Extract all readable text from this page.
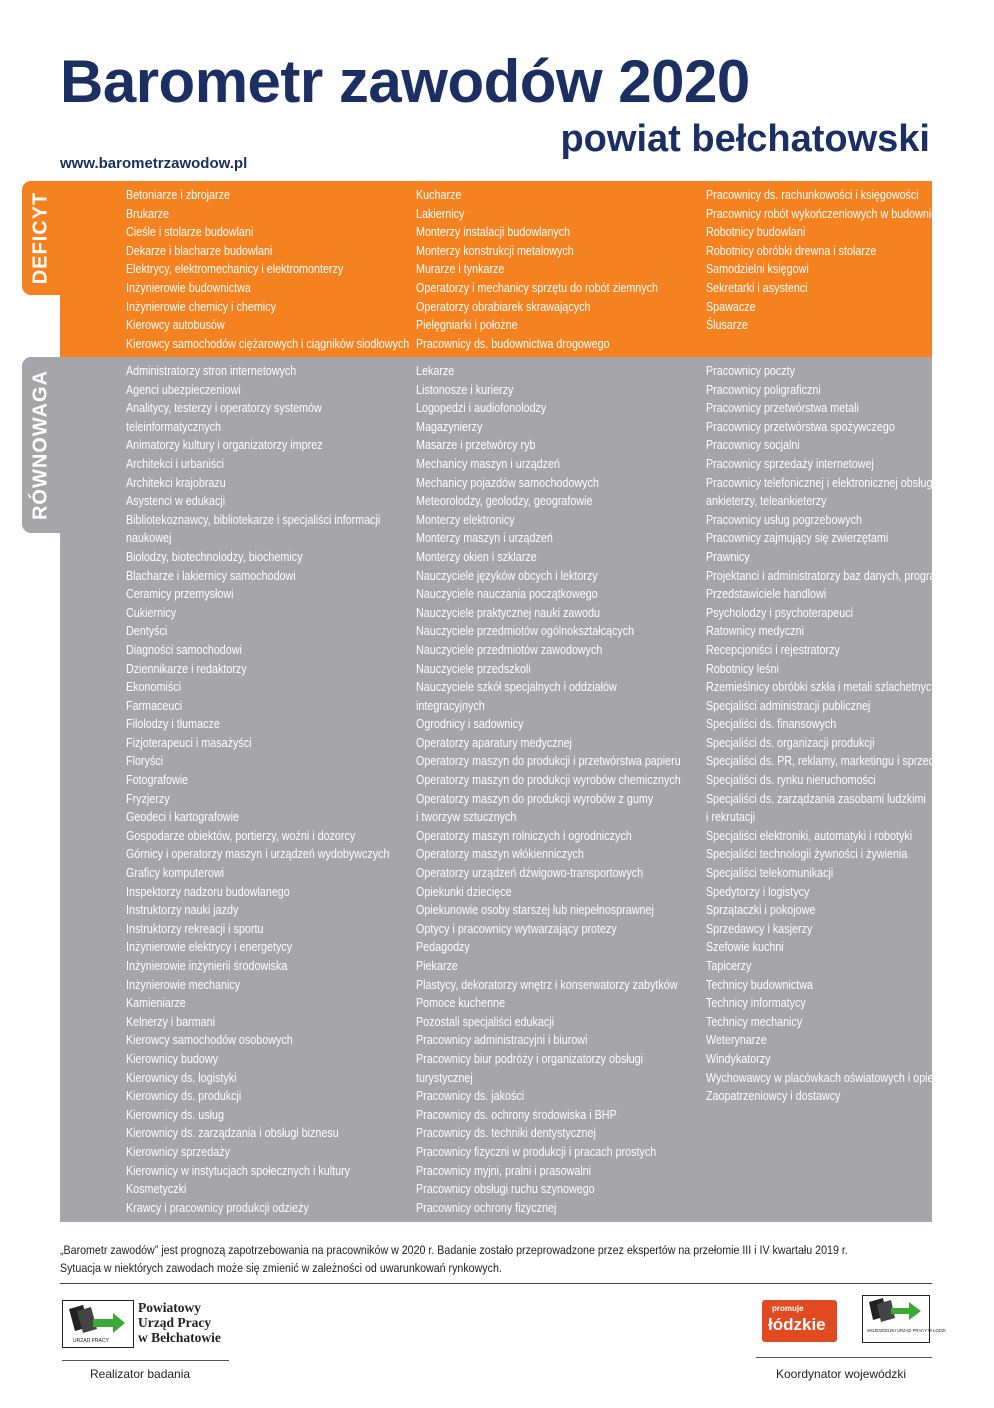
Barometr zawodów 2020
powiat bełchatowski
www.barometrzawodow.pl
DEFICYT	Betoniarze i zbrojarze
Brukarze
Cieśle i stolarze budowlani
Dekarze i blacharze budowlani
Elektrycy, elektromechanicy i elektromonterzy
Inżynierowie budownictwa
Inżynierowie chemicy i chemicy
Kierowcy autobusów
Kierowcy samochodów ciężarowych i ciągników siodłowych
Kucharze
Lakiernicy
Monterzy instalacji budowlanych
Monterzy konstrukcji metalowych
Murarze i tynkarze
Operatorzy i mechanicy sprzętu do robót ziemnych
Operatorzy obrabiarek skrawających
Pielęgniarki i położne
Pracownicy ds. budownictwa drogowego
Pracownicy ds. rachunkowości i księgowości
Pracownicy robót wykończeniowych w budownictwie
Robotnicy budowlani
Robotnicy obróbki drewna i stolarze
Samodzielni księgowi
Sekretarki i asystenci
Spawacze
Ślusarze
RÓWNOWAGA	Administratorzy stron internetowych
Agenci ubezpieczeniowi
Analitycy, testerzy i operatorzy systemów
teleinformatycznych
Animatorzy kultury i organizatorzy imprez
Architekci i urbaniści
Architekci krajobrazu
Asystenci w edukacji
Bibliotekoznawcy, bibliotekarze i specjaliści informacji
naukowej
Biolodzy, biotechnolodzy, biochemicy
Blacharze i lakiernicy samochodowi
Ceramicy przemysłowi
Cukiernicy
Dentyści
Diagności samochodowi
Dziennikarze i redaktorzy
Ekonomiści
Farmaceuci
Filolodzy i tłumacze
Fizjoterapeuci i masażyści
Floryści
Fotografowie
Fryzjerzy
Geodeci i kartografowie
Gospodarze obiektów, portierzy, woźni i dozorcy
Górnicy i operatorzy maszyn i urządzeń wydobywczych
Graficy komputerowi
Inspektorzy nadzoru budowlanego
Instruktorzy nauki jazdy
Instruktorzy rekreacji i sportu
Inżynierowie elektrycy i energetycy
Inżynierowie inżynierii środowiska
Inżynierowie mechanicy
Kamieniarze
Kelnerzy i barmani
Kierowcy samochodów osobowych
Kierownicy budowy
Kierownicy ds. logistyki
Kierownicy ds. produkcji
Kierownicy ds. usług
Kierownicy ds. zarządzania i obsługi biznesu
Kierownicy sprzedaży
Kierownicy w instytucjach społecznych i kultury
Kosmetyczki
Krawcy i pracownicy produkcji odzieży
Lekarze
Listonosze i kurierzy
Logopedzi i audiofonolodzy
Magazynierzy
Masarze i przetwórcy ryb
Mechanicy maszyn i urządzeń
Mechanicy pojazdów samochodowych
Meteorolodzy, geolodzy, geografowie
Monterzy elektronicy
Monterzy maszyn i urządzeń
Monterzy okien i szklarze
Nauczyciele języków obcych i lektorzy
Nauczyciele nauczania początkowego
Nauczyciele praktycznej nauki zawodu
Nauczyciele przedmiotów ogólnokształcących
Nauczyciele przedmiotów zawodowych
Nauczyciele przedszkoli
Nauczyciele szkół specjalnych i oddziałów
integracyjnych
Ogrodnicy i sadownicy
Operatorzy aparatury medycznej
Operatorzy maszyn do produkcji i przetwórstwa papieru
Operatorzy maszyn do produkcji wyrobów chemicznych
Operatorzy maszyn do produkcji wyrobów z gumy
i tworzyw sztucznych
Operatorzy maszyn rolniczych i ogrodniczych
Operatorzy maszyn włókienniczych
Operatorzy urządzeń dźwigowo-transportowych
Opiekunki dziecięce
Opiekunowie osoby starszej lub niepełnosprawnej
Optycy i pracownicy wytwarzający protezy
Pedagodzy
Piekarze
Plastycy, dekoratorzy wnętrz i konserwatorzy zabytków
Pomoce kuchenne
Pozostali specjaliści edukacji
Pracownicy administracyjni i biurowi
Pracownicy biur podróży i organizatorzy obsługi
turystycznej
Pracownicy ds. jakości
Pracownicy ds. ochrony środowiska i BHP
Pracownicy ds. techniki dentystycznej
Pracownicy fizyczni w produkcji i pracach prostych
Pracownicy myjni, pralni i prasowalni
Pracownicy obsługi ruchu szynowego
Pracownicy ochrony fizycznej
Pracownicy poczty
Pracownicy poligraficzni
Pracownicy przetwórstwa metali
Pracownicy przetwórstwa spożywczego
Pracownicy socjalni
Pracownicy sprzedaży internetowej
Pracownicy telefonicznej i elektronicznej obsługi klienta,
ankieterzy, teleankieterzy
Pracownicy usług pogrzebowych
Pracownicy zajmujący się zwierzętami
Prawnicy
Projektanci i administratorzy baz danych, programiści
Przedstawiciele handlowi
Psycholodzy i psychoterapeuci
Ratownicy medyczni
Recepcjoniści i rejestratorzy
Robotnicy leśni
Rzemieślnicy obróbki szkła i metali szlachetnych
Specjaliści administracji publicznej
Specjaliści ds. finansowych
Specjaliści ds. organizacji produkcji
Specjaliści ds. PR, reklamy, marketingu i sprzedaży
Specjaliści ds. rynku nieruchomości
Specjaliści ds. zarządzania zasobami ludzkimi
i rekrutacji
Specjaliści elektroniki, automatyki i robotyki
Specjaliści technologii żywności i żywienia
Specjaliści telekomunikacji
Spedytorzy i logistycy
Sprzątaczki i pokojowe
Sprzedawcy i kasjerzy
Szefowie kuchni
Tapicerzy
Technicy budownictwa
Technicy informatycy
Technicy mechanicy
Weterynarze
Windykatorzy
Wychowawcy w placówkach oświatowych i opiekuńczych
Zaopatrzeniowcy i dostawcy
„Barometr zawodów” jest prognozą zapotrzebowania na pracowników w 2020 r. Badanie zostało przeprowadzone przez ekspertów na przełomie III i IV kwartału 2019 r.
Sytuacja w niektórych zawodach może się zmienić w zależności od uwarunkowań rynkowych.
URZĄD PRACY
Powiatowy
Urząd Pracy
w Bełchatowie
Realizator badania
promuje
łódzkie	WOJEWÓDZKI URZĄD PRACY W ŁODZI
Koordynator wojewódzki
